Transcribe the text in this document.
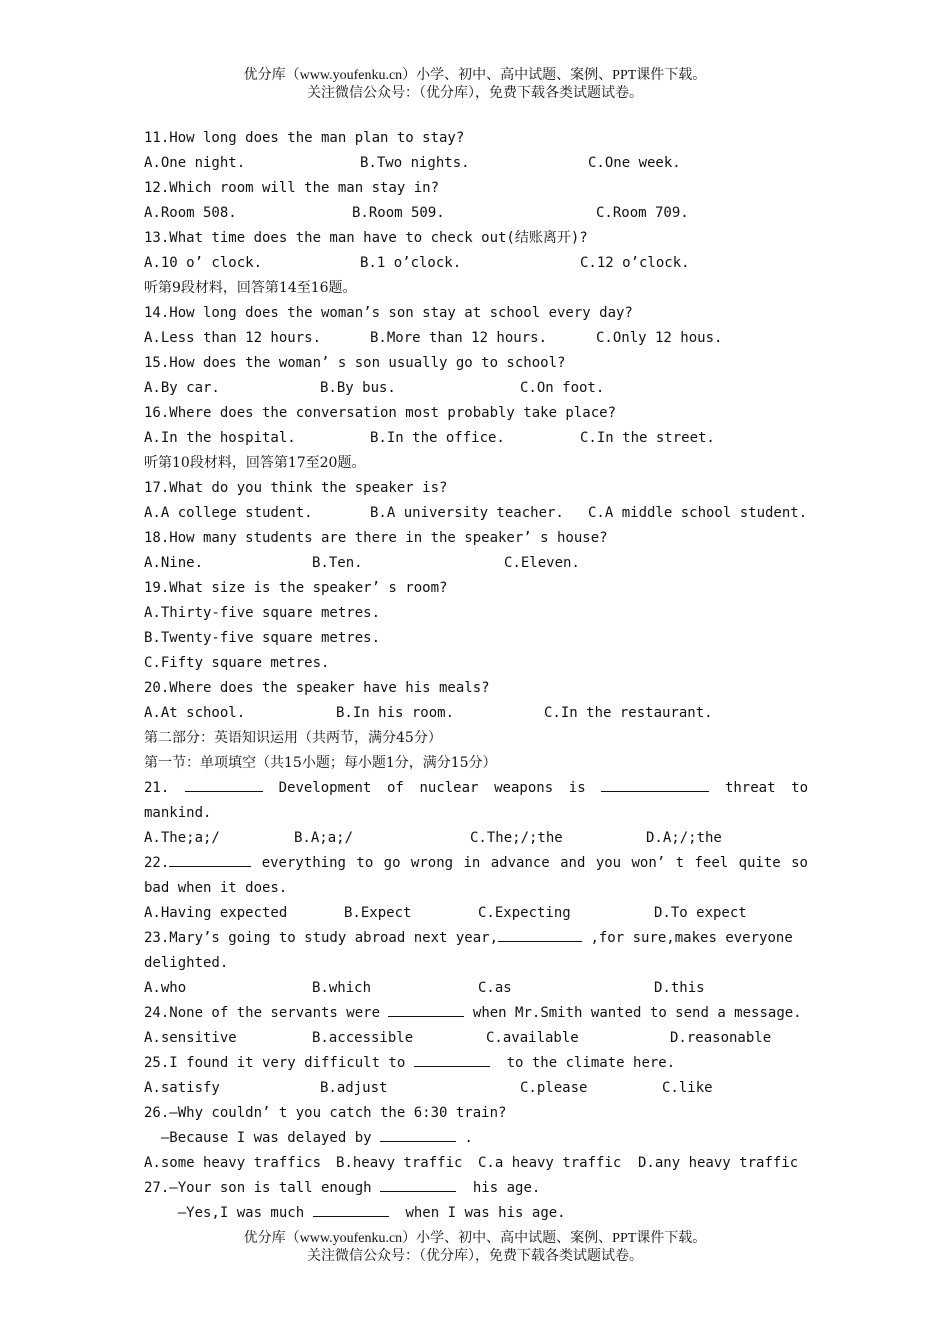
优分库（www.youfenku.cn）小学、初中、高中试题、案例、PPT课件下载。
关注微信公众号：（优分库），免费下载各类试题试卷。
11.How long does the man plan to stay?

A.One night.

	B.Two nights.

	C.One week.

12.Which room will the man stay in?

A.Room 508.

	B.Room 509.

	C.Room 709.

13.What time does the man have to check out(结账离开)?

A.10 o’ clock.

	B.1 o’clock.

	C.12 o’clock.

听第9段材料，回答第14至16题。
14.How long does the woman’s son stay at school every day?

A.Less than 12 hours.

	B.More than 12 hours.

	C.Only 12 hous.

15.How does the woman’ s son usually go to school?

A.By car.

	B.By bus.

	C.On foot.

16.Where does the conversation most probably take place?

A.In the hospital.

	B.In the office.

	C.In the street.

听第10段材料，回答第17至20题。
17.What do you think the speaker is?

A.A college student.

	B.A university teacher.

C.A middle school student.

18.How many students are there in the speaker’ s house?

A.Nine.

	B.Ten.

	C.Eleven.

19.What size is the speaker’ s room?
A.Thirty-five square metres.
B.Twenty-five square metres.
C.Fifty square metres.
20.Where does the speaker have his meals?

A.At school.

	B.In his room.

	C.In the restaurant.

第二部分：英语知识运用（共两节，满分45分）
第一节：单项填空（共15小题；每小题1分，满分15分）
21.	Development of nuclear weapons is	threat to
mankind.

A.The;a;/

	B.A;a;/

	C.The;/;the

	D.A;/;the

22.	everything to go wrong in advance and you won’ t feel quite so
bad when it does.

A.Having expected

	B.Expect

	C.Expecting

	D.To expect

23.Mary’s going to study abroad next year,	,for sure,makes everyone
delighted.

A.who

	B.which

	C.as

	D.this

24.None of the servants were	when Mr.Smith wanted to send a message.

A.sensitive

	B.accessible

	C.available

	D.reasonable

25.I found it very difficult to	to the climate here.

A.satisfy

	B.adjust

	C.please

	C.like

26.—Why couldn’ t you catch the 6:30 train?
—Because I was delayed by	.

A.some heavy traffics

B.heavy traffic

C.a heavy traffic

D.any heavy traffic

27.—Your son is tall enough	his age.
—Yes,I was much	when I was his age.
优分库（www.youfenku.cn）小学、初中、高中试题、案例、PPT课件下载。
关注微信公众号：（优分库），免费下载各类试题试卷。
